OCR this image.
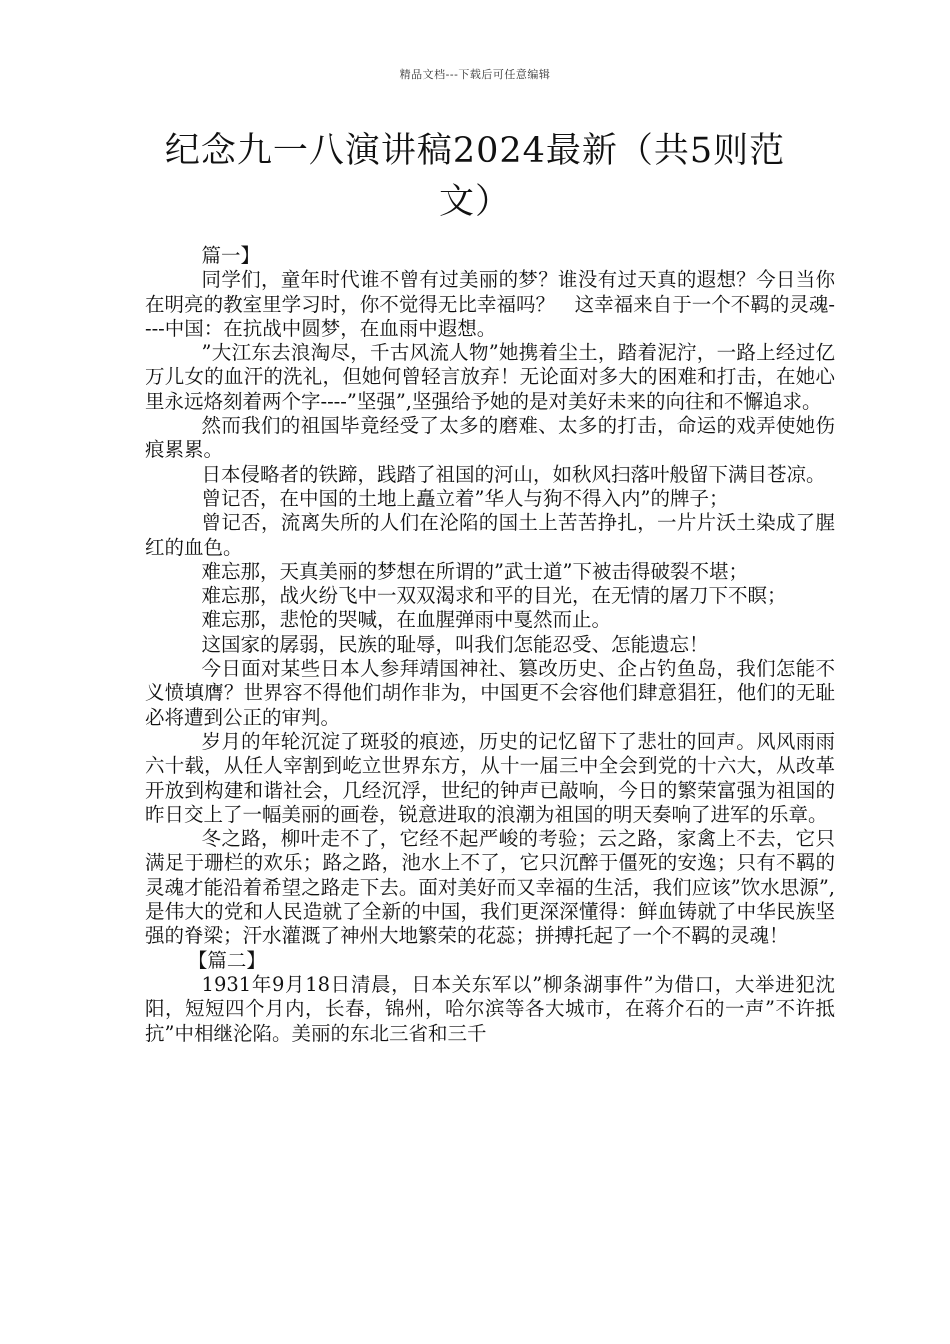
精品文档---下载后可任意编辑
纪念九一八演讲稿2024最新（共5则范文）

篇一】

同学们，童年时代谁不曾有过美丽的梦？谁没有过天真的遐想？今日当你在明亮的教室里学习时，你不觉得无比幸福吗？　这幸福来自于一个不羁的灵魂----中国：在抗战中圆梦，在血雨中遐想。

”大江东去浪淘尽，千古风流人物”她携着尘土，踏着泥泞，一路上经过亿万儿女的血汗的洗礼，但她何曾轻言放弃！无论面对多大的困难和打击，在她心里永远烙刻着两个字----”坚强”,坚强给予她的是对美好未来的向往和不懈追求。

然而我们的祖国毕竟经受了太多的磨难、太多的打击，命运的戏弄使她伤痕累累。

日本侵略者的铁蹄，践踏了祖国的河山，如秋风扫落叶般留下满目苍凉。

曾记否，在中国的土地上矗立着”华人与狗不得入内”的牌子；

曾记否，流离失所的人们在沦陷的国土上苦苦挣扎，一片片沃土染成了腥红的血色。

难忘那，天真美丽的梦想在所谓的”武士道”下被击得破裂不堪；

难忘那，战火纷飞中一双双渴求和平的目光，在无情的屠刀下不瞑；

难忘那，悲怆的哭喊，在血腥弹雨中戛然而止。

这国家的孱弱，民族的耻辱，叫我们怎能忍受、怎能遗忘！

今日面对某些日本人参拜靖国神社、篡改历史、企占钓鱼岛，我们怎能不义愤填膺？世界容不得他们胡作非为，中国更不会容他们肆意猖狂，他们的无耻必将遭到公正的审判。

岁月的年轮沉淀了斑驳的痕迹，历史的记忆留下了悲壮的回声。风风雨雨六十载，从任人宰割到屹立世界东方，从十一届三中全会到党的十六大，从改革开放到构建和谐社会，几经沉浮，世纪的钟声已敲响，今日的繁荣富强为祖国的昨日交上了一幅美丽的画卷，锐意进取的浪潮为祖国的明天奏响了进军的乐章。

冬之路，柳叶走不了，它经不起严峻的考验；云之路，家禽上不去，它只满足于珊栏的欢乐；路之路，池水上不了，它只沉醉于僵死的安逸；只有不羁的灵魂才能沿着希望之路走下去。面对美好而又幸福的生活，我们应该”饮水思源”,是伟大的党和人民造就了全新的中国，我们更深深懂得：鲜血铸就了中华民族坚强的脊梁；汗水灌溉了神州大地繁荣的花蕊；拼搏托起了一个不羁的灵魂！

【篇二】

1931年9月18日清晨，日本关东军以”柳条湖事件”为借口，大举进犯沈阳，短短四个月内，长春，锦州，哈尔滨等各大城市，在蒋介石的一声”不许抵抗”中相继沦陷。美丽的东北三省和三千
